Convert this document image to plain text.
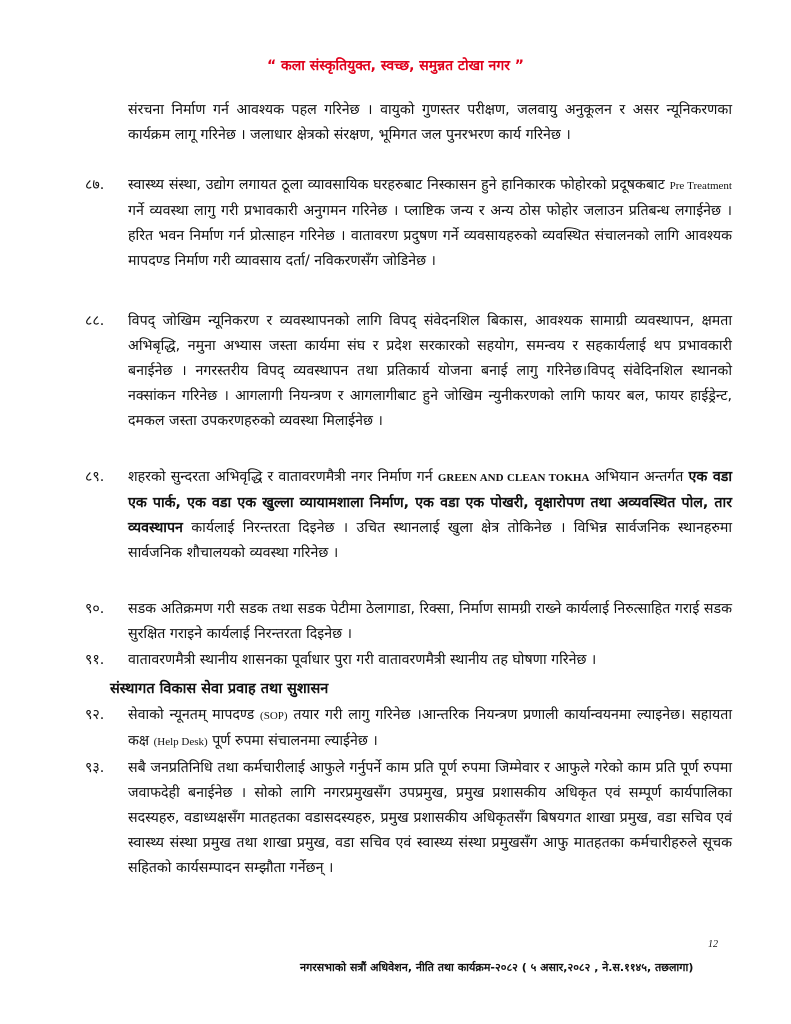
“ कला संस्कृतियुक्त, स्वच्छ, समुन्नत टोखा नगर ”
संरचना निर्माण गर्न आवश्यक पहल गरिनेछ । वायुको गुणस्तर परीक्षण, जलवायु अनुकूलन र असर न्यूनिकरणका कार्यक्रम लागू गरिनेछ । जलाधार क्षेत्रको संरक्षण, भूमिगत जल पुनरभरण कार्य गरिनेछ ।
८७.	स्वास्थ्य संस्था, उद्योग लगायत ठूला व्यावसायिक घरहरुबाट निस्कासन हुने हानिकारक फोहोरको प्रदूषकबाट Pre Treatment गर्ने व्यवस्था लागु गरी प्रभावकारी अनुगमन गरिनेछ । प्लाष्टिक जन्य र अन्य ठोस फोहोर जलाउन प्रतिबन्ध लगाईनेछ ।हरित भवन निर्माण गर्न प्रोत्साहन गरिनेछ । वातावरण प्रदुषण गर्ने व्यवसायहरुको व्यवस्थित संचालनको लागि आवश्यक मापदण्ड निर्माण गरी व्यावसाय दर्ता/ नविकरणसँग जोडिनेछ ।
८८.	विपद् जोखिम न्यूनिकरण र व्यवस्थापनको लागि विपद् संवेदनशिल बिकास, आवश्यक सामाग्री व्यवस्थापन, क्षमता अभिबृद्धि, नमुना अभ्यास जस्ता कार्यमा संघ र प्रदेश सरकारको सहयोग, समन्वय र सहकार्यलाई थप प्रभावकारी बनाईनेछ । नगरस्तरीय विपद् व्यवस्थापन तथा प्रतिकार्य योजना बनाई लागु गरिनेछ।विपद् संवेदिनशिल स्थानको नक्सांकन गरिनेछ । आगलागी नियन्त्रण र आगलागीबाट हुने जोखिम न्युनीकरणको लागि फायर बल, फायर हाईड्रेन्ट, दमकल जस्ता उपकरणहरुको व्यवस्था मिलाईनेछ ।
८९.	शहरको सुन्दरता अभिवृद्धि र वातावरणमैत्री नगर निर्माण गर्न GREEN AND CLEAN TOKHA अभियान अन्तर्गत एक वडा एक पार्क, एक वडा एक खुल्ला व्यायामशाला निर्माण, एक वडा एक पोखरी, वृक्षारोपण तथा अव्यवस्थित पोल, तार व्यवस्थापन कार्यलाई निरन्तरता दिइनेछ । उचित स्थानलाई खुला क्षेत्र तोकिनेछ । विभिन्न सार्वजनिक स्थानहरुमा सार्वजनिक शौचालयको व्यवस्था गरिनेछ ।
९०.	सडक अतिक्रमण गरी सडक तथा सडक पेटीमा ठेलागाडा, रिक्सा, निर्माण सामग्री राख्ने कार्यलाई निरुत्साहित गराई सडक सुरक्षित गराइने कार्यलाई निरन्तरता दिइनेछ ।
९१.	वातावरणमैत्री स्थानीय शासनका पूर्वाधार पुरा गरी वातावरणमैत्री स्थानीय तह घोषणा गरिनेछ ।
संस्थागत विकास सेवा प्रवाह तथा सुशासन
९२.	सेवाको न्यूनतम् मापदण्ड (SOP) तयार गरी लागु गरिनेछ ।आन्तरिक नियन्त्रण प्रणाली कार्यान्वयनमा ल्याइनेछ। सहायता कक्ष (Help Desk) पूर्ण रुपमा संचालनमा ल्याईनेछ ।
९३.	सबै जनप्रतिनिधि तथा कर्मचारीलाई आफुले गर्नुपर्ने काम प्रति पूर्ण रुपमा जिम्मेवार र आफुले गरेको काम प्रति पूर्ण रुपमा जवाफदेही बनाईनेछ । सोको लागि नगरप्रमुखसँग उपप्रमुख, प्रमुख प्रशासकीय अधिकृत एवं सम्पूर्ण कार्यपालिका सदस्यहरु, वडाध्यक्षसँग मातहतका वडासदस्यहरु, प्रमुख प्रशासकीय अधिकृतसँग बिषयगत शाखा प्रमुख, वडा सचिव एवं स्वास्थ्य संस्था प्रमुख तथा शाखा प्रमुख, वडा सचिव एवं स्वास्थ्य संस्था प्रमुखसँग आफु मातहतका कर्मचारीहरुले सूचक सहितको कार्यसम्पादन सम्झौता गर्नेछन् ।
12
नगरसभाको सत्रौं अधिवेशन, नीति तथा कार्यक्रम-२०८२ ( ५ असार,२०८२ , ने.स.११४५, तछलागा)
